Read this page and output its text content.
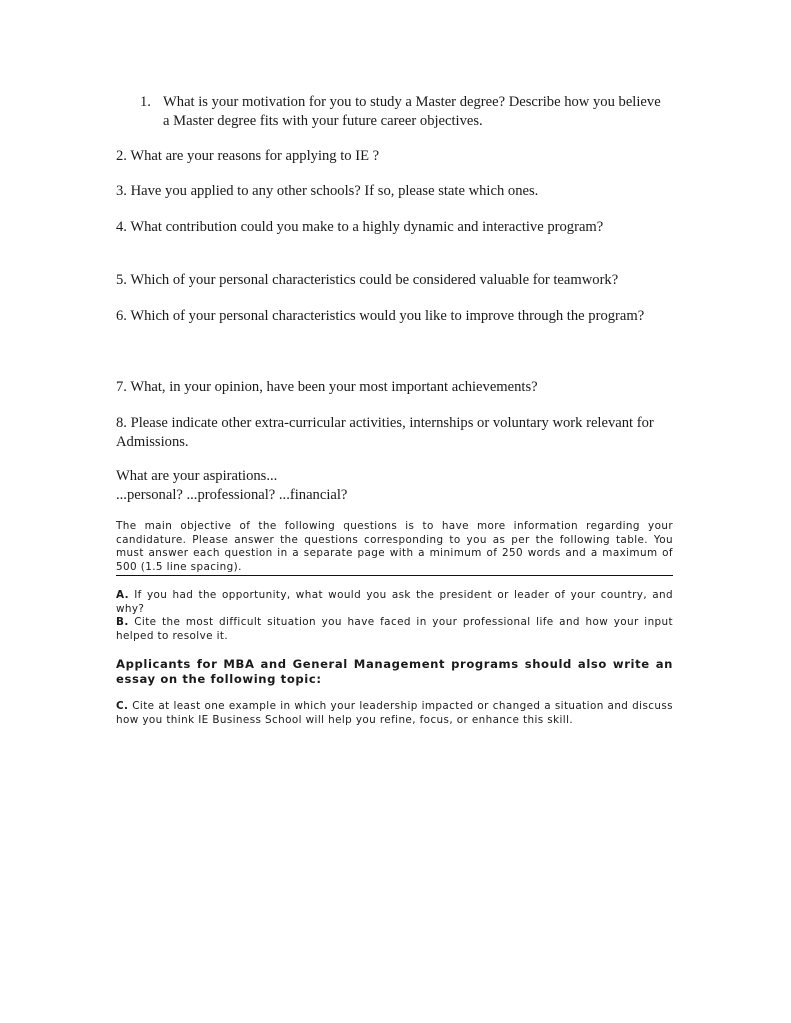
1. What is your motivation for you to study a Master degree? Describe how you believe a Master degree fits with your future career objectives.
2. What are your reasons for applying to IE ?
3. Have you applied to any other schools? If so, please state which ones.
4. What contribution could you make to a highly dynamic and interactive program?
5. Which of your personal characteristics could be considered valuable for teamwork?
6. Which of your personal characteristics would you like to improve through the program?
7. What, in your opinion, have been your most important achievements?
8. Please indicate other extra-curricular activities, internships or voluntary work relevant for Admissions.
What are your aspirations...
...personal? ...professional? ...financial?
The main objective of the following questions is to have more information regarding your candidature. Please answer the questions corresponding to you as per the following table. You must answer each question in a separate page with a minimum of 250 words and a maximum of 500 (1.5 line spacing).
A. If you had the opportunity, what would you ask the president or leader of your country, and why?
B. Cite the most difficult situation you have faced in your professional life and how your input helped to resolve it.
Applicants for MBA and General Management programs should also write an essay on the following topic:
C. Cite at least one example in which your leadership impacted or changed a situation and discuss how you think IE Business School will help you refine, focus, or enhance this skill.
